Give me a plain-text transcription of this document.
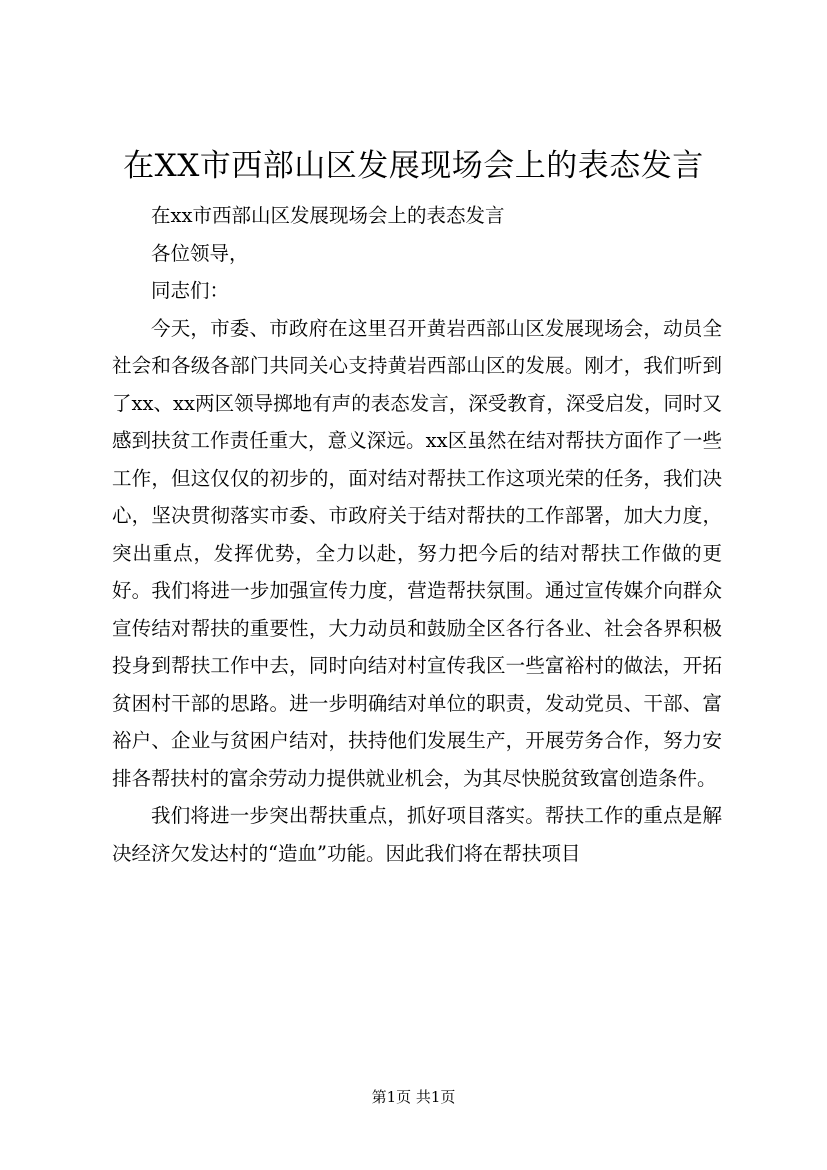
在XX市西部山区发展现场会上的表态发言

在xx市西部山区发展现场会上的表态发言

各位领导，

同志们：

今天，市委、市政府在这里召开黄岩西部山区发展现场会，动员全社会和各级各部门共同关心支持黄岩西部山区的发展。刚才，我们听到了xx、xx两区领导掷地有声的表态发言，深受教育，深受启发，同时又感到扶贫工作责任重大，意义深远。xx区虽然在结对帮扶方面作了一些工作，但这仅仅的初步的，面对结对帮扶工作这项光荣的任务，我们决心，坚决贯彻落实市委、市政府关于结对帮扶的工作部署，加大力度，突出重点，发挥优势，全力以赴，努力把今后的结对帮扶工作做的更好。我们将进一步加强宣传力度，营造帮扶氛围。通过宣传媒介向群众宣传结对帮扶的重要性，大力动员和鼓励全区各行各业、社会各界积极投身到帮扶工作中去，同时向结对村宣传我区一些富裕村的做法，开拓贫困村干部的思路。进一步明确结对单位的职责，发动党员、干部、富裕户、企业与贫困户结对，扶持他们发展生产，开展劳务合作，努力安排各帮扶村的富余劳动力提供就业机会，为其尽快脱贫致富创造条件。

我们将进一步突出帮扶重点，抓好项目落实。帮扶工作的重点是解决经济欠发达村的“造血”功能。因此我们将在帮扶项目

第1页 共1页
